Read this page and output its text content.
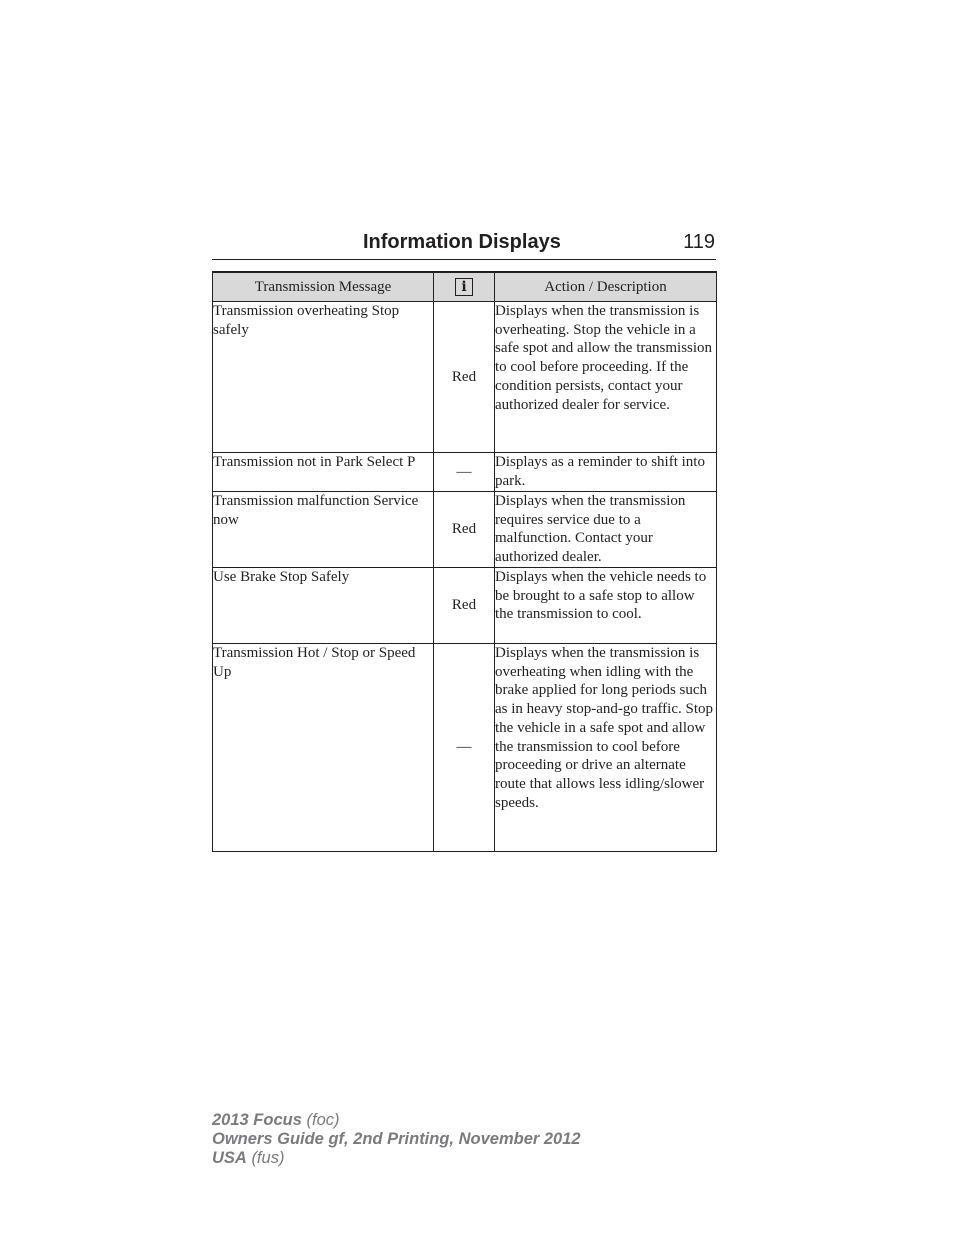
Information Displays	119
Transmission Message	i	Action / Description
Transmission overheating Stop safely	Red	Displays when the transmission is overheating. Stop the vehicle in a safe spot and allow the transmission to cool before proceeding. If the condition persists, contact your authorized dealer for service.
Transmission not in Park Select P	—	Displays as a reminder to shift into park.
Transmission malfunction Service now	Red	Displays when the transmission requires service due to a malfunction. Contact your authorized dealer.
Use Brake Stop Safely	Red	Displays when the vehicle needs to be brought to a safe stop to allow the transmission to cool.
Transmission Hot / Stop or Speed Up	—	Displays when the transmission is overheating when idling with the brake applied for long periods such as in heavy stop-and-go traffic. Stop the vehicle in a safe spot and allow the transmission to cool before proceeding or drive an alternate route that allows less idling/slower speeds.
2013 Focus (foc)
Owners Guide gf, 2nd Printing, November 2012
USA (fus)
